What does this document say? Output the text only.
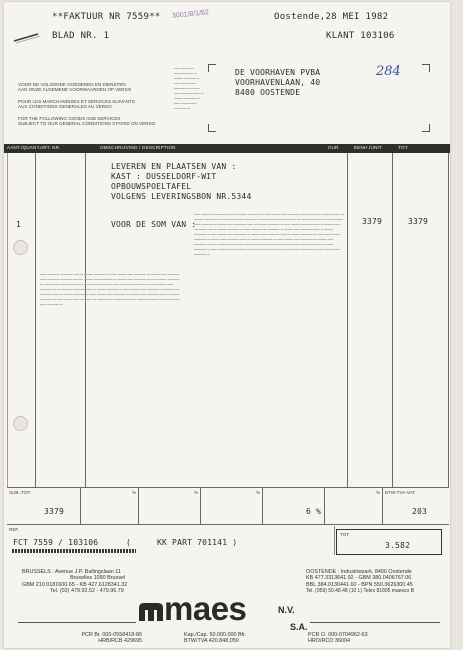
**FAKTUUR NR 7559** 3001/8/1/82	Oostende,28 MEI 1982
BLAD NR. 1	KLANT 103106
VOOR DE VOLGENDE GOEDEREN EN DIENSTEN
AAN ONZE ALGEMENE VOORWAARDEN OP VERSO
POUR LES MARCHANDISES ET SERVICES SUIVANTS
AUX CONDITIONS GENERALES AU VERSO
FOR THE FOLLOWING GOODS AND SERVICES
SUBJECT TO OUR GENERAL CONDITIONS STATED ON VERSO
DE VOORHAVEN PVBA
VOORHAVENLAAN, 40
8400 OOSTENDE
284
▬▬ ▬▬▬ ▬ ▬▬▬▬ ▬▬ ▬ ▬▬▬ ▬▬▬▬ ▬ ▬▬ ▬▬▬ ▬▬ ▬▬▬▬ ▬ ▬▬▬ ▬▬ ▬▬▬▬ ▬▬ ▬ ▬▬▬ ▬▬▬▬ ▬ ▬▬ ▬▬▬ ▬▬ ▬▬▬▬ ▬
AANT./QUANT. ART. NR.	OMSCHRIJVING / DESCRIPTION	CUR.	EENH./UNIT	TOT.
▬▬ ▬▬▬ ▬ ▬▬▬▬ ▬▬ ▬ ▬▬▬ ▬▬▬▬ ▬ ▬▬ ▬▬▬ ▬▬ ▬▬▬▬ ▬ ▬▬▬ ▬▬ ▬▬▬▬ ▬▬ ▬ ▬▬▬ ▬▬▬▬ ▬ ▬▬ ▬▬▬ ▬▬ ▬▬▬▬ ▬ ▬▬▬ ▬▬ ▬▬▬▬ ▬▬ ▬ ▬▬▬ ▬▬▬▬ ▬ ▬▬ ▬▬▬ ▬▬ ▬▬▬▬ ▬ ▬▬▬ ▬▬ ▬▬▬▬ ▬▬ ▬ ▬▬▬ ▬▬▬▬ ▬ ▬▬ ▬▬▬ ▬▬ ▬▬▬▬ ▬ ▬▬▬ ▬▬ ▬▬▬▬ ▬▬ ▬ ▬▬▬ ▬▬▬▬ ▬ ▬▬ ▬▬▬ ▬▬ ▬▬▬▬ ▬ ▬▬▬ ▬▬ ▬▬▬▬ ▬▬ ▬ ▬▬▬ ▬▬▬▬ ▬ ▬▬ ▬▬▬ ▬▬ ▬▬▬▬ ▬ ▬▬▬ ▬▬ ▬▬▬▬ ▬▬ ▬ ▬▬▬ ▬▬▬▬ ▬ ▬▬ ▬▬▬ ▬▬ ▬▬▬▬ ▬ ▬▬▬ ▬▬ ▬▬▬▬ ▬▬ ▬ ▬▬▬ ▬▬▬▬ ▬ ▬▬ ▬▬▬ ▬▬ ▬▬▬▬ ▬ ▬▬▬ ▬▬ ▬▬▬▬ ▬▬ ▬ ▬▬▬ ▬▬▬▬ ▬ ▬▬ ▬▬▬ ▬▬ ▬▬▬▬ ▬ ▬▬▬ ▬▬ ▬▬▬▬ ▬▬ ▬ ▬▬▬ ▬▬▬▬ ▬ ▬▬ ▬▬▬ ▬▬ ▬▬▬▬ ▬ ▬▬▬ ▬▬ ▬▬▬▬ ▬▬ ▬ ▬▬▬ ▬▬▬▬ ▬ ▬▬ ▬▬▬ ▬▬ ▬▬▬▬ ▬
▬▬ ▬▬▬ ▬ ▬▬▬▬ ▬▬ ▬ ▬▬▬ ▬▬▬▬ ▬ ▬▬ ▬▬▬ ▬▬ ▬▬▬▬ ▬ ▬▬▬ ▬▬ ▬▬▬▬ ▬▬ ▬ ▬▬▬ ▬▬▬▬ ▬ ▬▬ ▬▬▬ ▬▬ ▬▬▬▬ ▬ ▬▬▬ ▬▬ ▬▬▬▬ ▬▬ ▬ ▬▬▬ ▬▬▬▬ ▬ ▬▬ ▬▬▬ ▬▬ ▬▬▬▬ ▬ ▬▬▬ ▬▬ ▬▬▬▬ ▬▬ ▬ ▬▬▬ ▬▬▬▬ ▬ ▬▬ ▬▬▬ ▬▬ ▬▬▬▬ ▬ ▬▬▬ ▬▬ ▬▬▬▬ ▬▬ ▬ ▬▬▬ ▬▬▬▬ ▬ ▬▬ ▬▬▬ ▬▬ ▬▬▬▬ ▬ ▬▬▬ ▬▬ ▬▬▬▬ ▬▬ ▬ ▬▬▬ ▬▬▬▬ ▬ ▬▬ ▬▬▬ ▬▬ ▬▬▬▬ ▬ ▬▬▬ ▬▬ ▬▬▬▬ ▬▬ ▬ ▬▬▬ ▬▬▬▬ ▬ ▬▬ ▬▬▬ ▬▬ ▬▬▬▬ ▬ ▬▬▬ ▬▬ ▬▬▬▬ ▬▬ ▬ ▬▬▬ ▬▬▬▬ ▬ ▬▬ ▬▬▬ ▬▬ ▬▬▬▬ ▬
LEVEREN EN PLAATSEN VAN :
KAST : DUSSELDORF-WIT
OPBOUWSPOELTAFEL
VOLGENS LEVERINGSBON NR.5344
1	VOOR DE SOM VAN :	3379	3379
SUB.-TOT.
3379
%	%	%	% BTW-TVA-VAT
6 %	203
REF.
FCT 7559 / 103106	(	KK PART 701141 )
TOT.
3.582
BRUSSELS : Avenue J.P. Ballingslaan 11
Bruxelles 1090 Brussel
GBM 210.0181600.65 - KB 427.6128341.32
Tel. (02) 479.92.52 - 479.96.79
OOSTENDE : Industriepark, 8400 Oostende
KB 477.3313641.92 - GBM 380.0406767.06
BBL 384.0130441.60 - BPN 550.3626300.45
Tel. (059) 50.48.48 (10 L) Telex 81805 maesco B
maes	N.V.
S.A.
PCR Br. 000-0558418-86
HRB/RCB 429695
Kap./Cap. 50.000.000 Bfr.
BTW/TVA 420.848.059
PCR O. 000-0704962-63
HRO/RCO 36004
